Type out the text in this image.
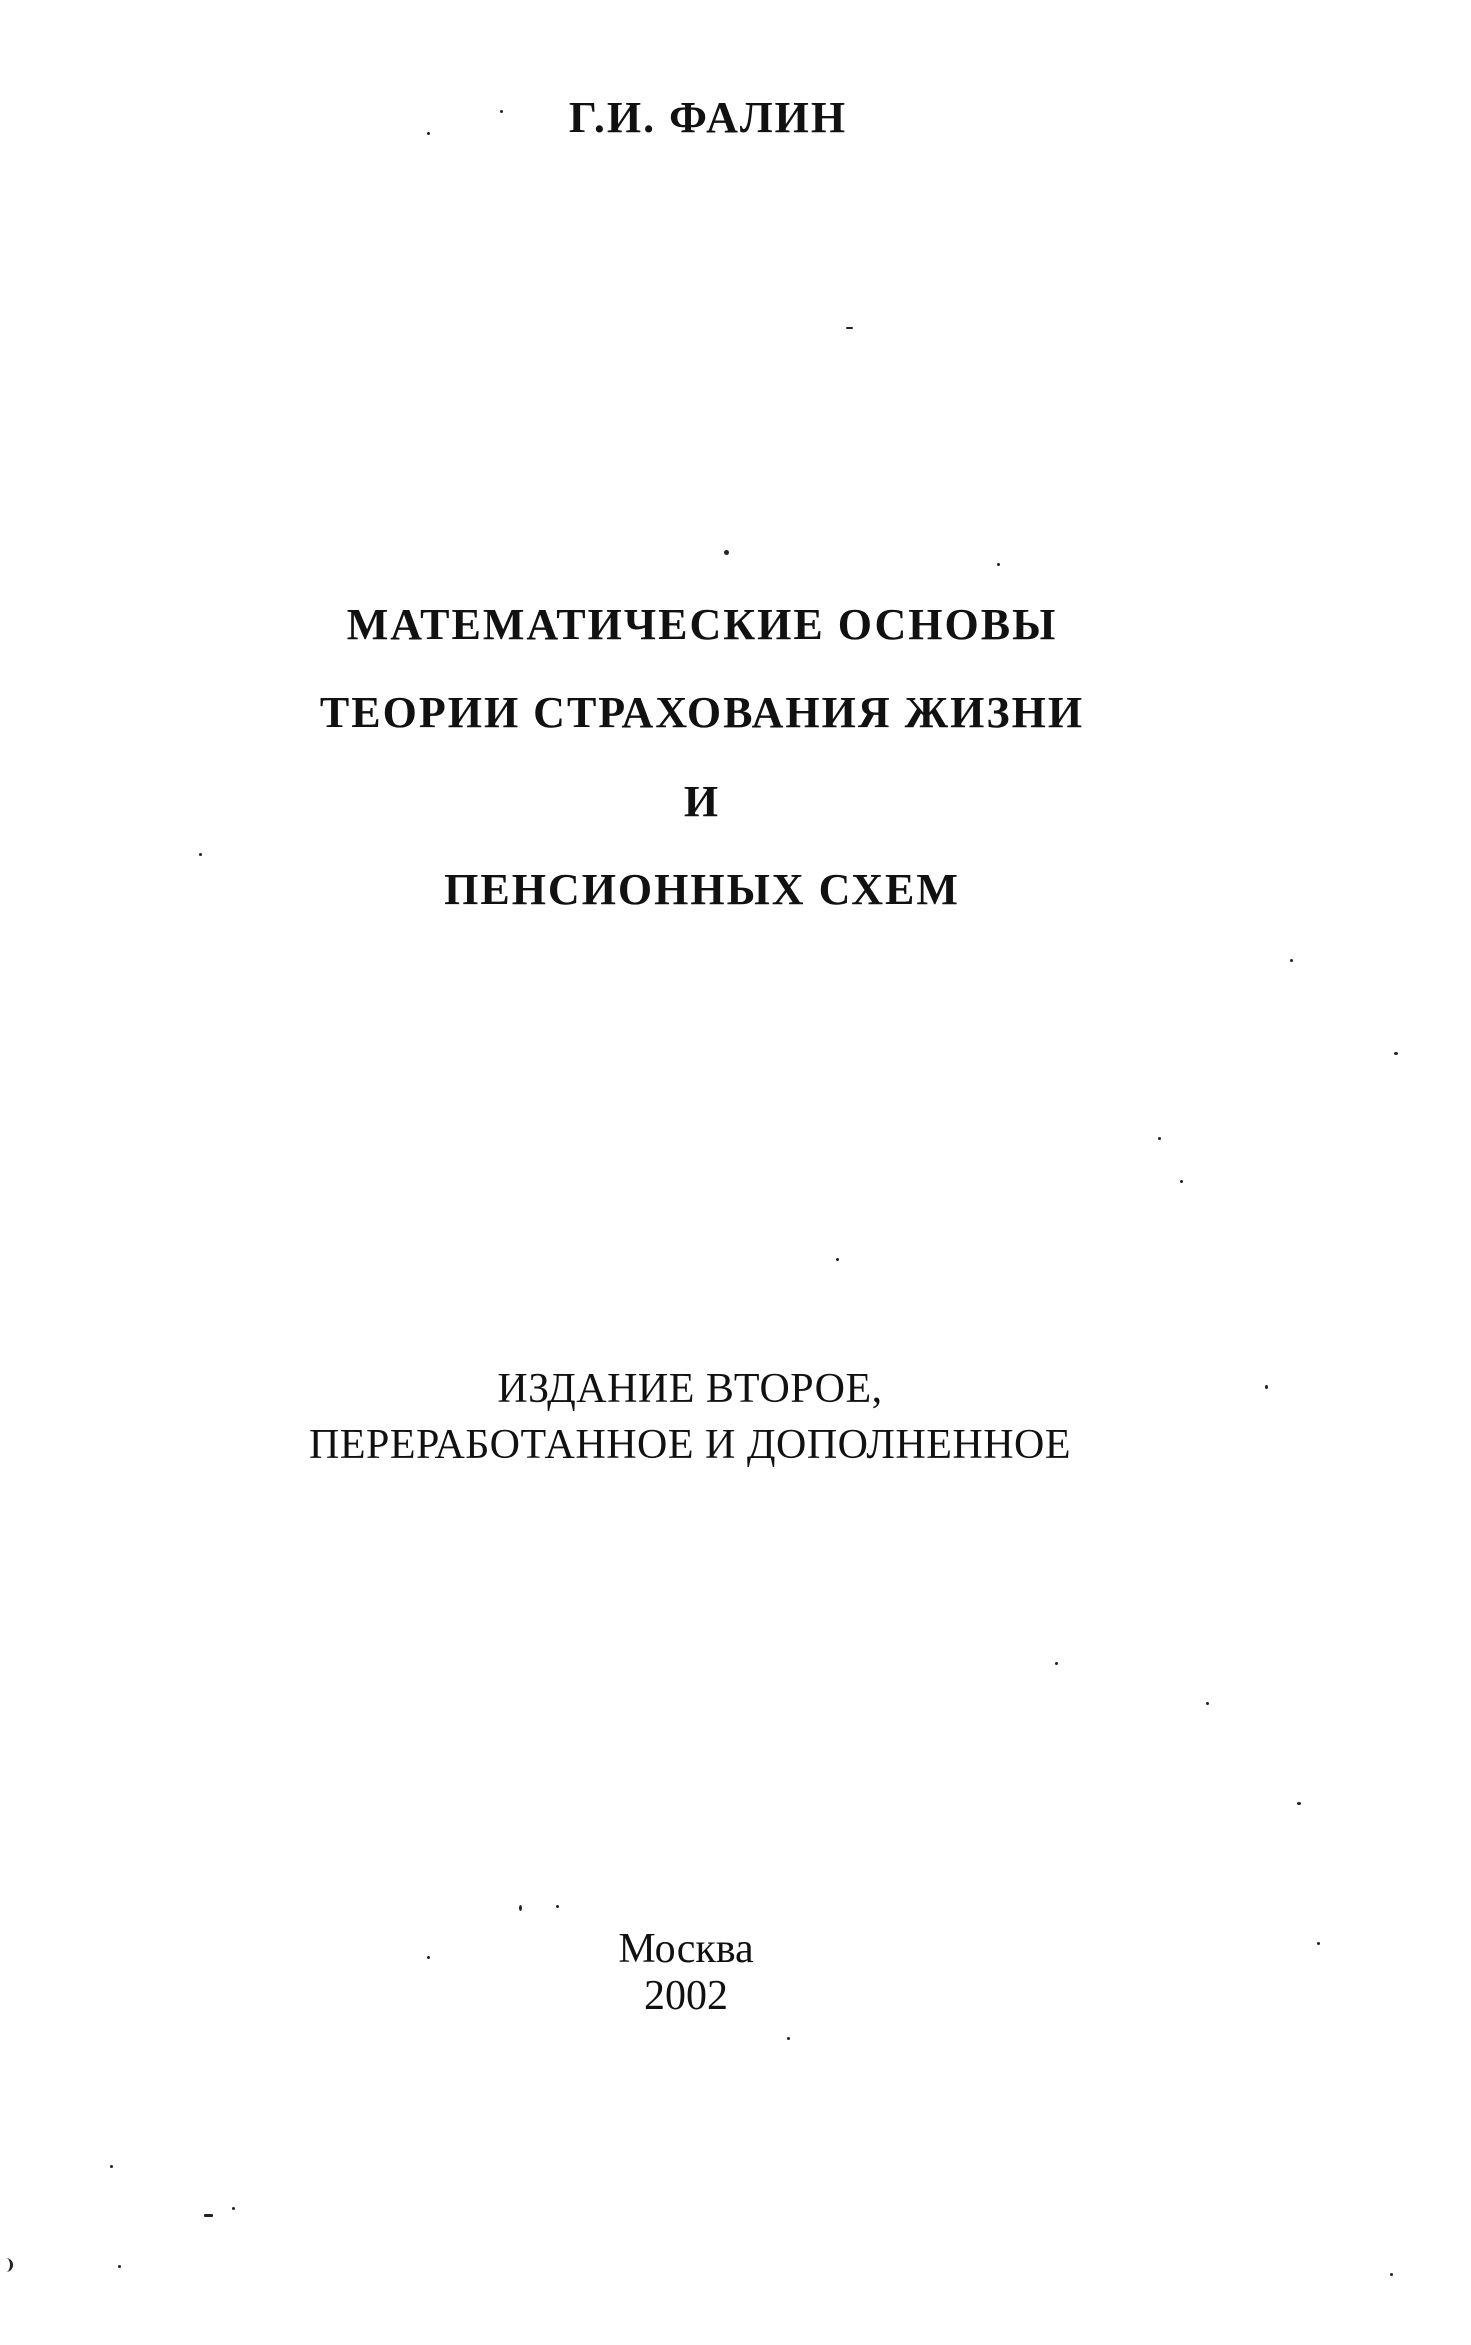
Г.И. ФАЛИН
МАТЕМАТИЧЕСКИЕ ОСНОВЫ
ТЕОРИИ СТРАХОВАНИЯ ЖИЗНИ
И
ПЕНСИОННЫХ СХЕМ
ИЗДАНИЕ ВТОРОЕ,
ПЕРЕРАБОТАННОЕ И ДОПОЛНЕННОЕ
Москва
2002
